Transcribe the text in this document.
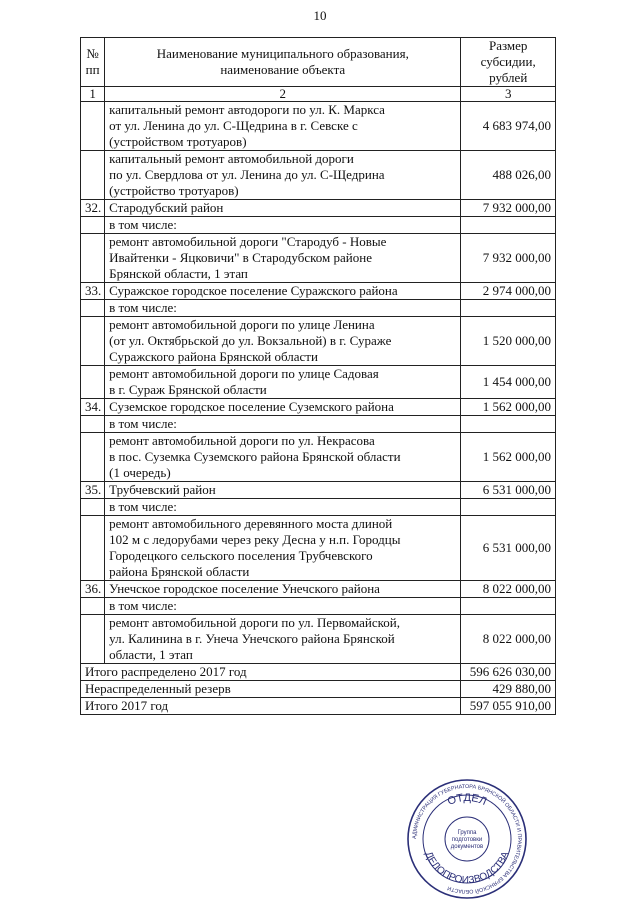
10
№
пп	Наименование муниципального образования,
наименование объекта	Размер
субсидии,
рублей
1	2	3
	капитальный ремонт автодороги по ул. К. Маркса
от ул. Ленина до ул. С-Щедрина в г. Севске с
(устройством тротуаров)	4 683 974,00
	капитальный ремонт автомобильной дороги
по ул. Свердлова от ул. Ленина до ул. С-Щедрина
(устройство тротуаров)	488 026,00
32.	Стародубский район	7 932 000,00
	в том числе:	
	ремонт автомобильной дороги "Стародуб - Новые
Ивайтенки - Яцковичи" в Стародубском районе
Брянской области, 1 этап	7 932 000,00
33.	Суражское городское поселение Суражского района	2 974 000,00
	в том числе:	
	ремонт автомобильной дороги по улице Ленина
(от ул. Октябрьской до ул. Вокзальной) в г. Сураже
Суражского района Брянской области	1 520 000,00
	ремонт автомобильной дороги по улице Садовая
в г. Сураж Брянской области	1 454 000,00
34.	Суземское городское поселение Суземского района	1 562 000,00
	в том числе:	
	ремонт автомобильной дороги по ул. Некрасова
в пос. Суземка Суземского района Брянской области
(1 очередь)	1 562 000,00
35.	Трубчевский район	6 531 000,00
	в том числе:	
	ремонт автомобильного деревянного моста длиной
102 м с ледорубами через реку Десна у н.п. Городцы
Городецкого сельского поселения Трубчевского
района Брянской области	6 531 000,00
36.	Унечское городское поселение Унечского района	8 022 000,00
	в том числе:	
	ремонт автомобильной дороги по ул. Первомайской,
ул. Калинина в г. Унеча Унечского района Брянской
области, 1 этап	8 022 000,00
Итого распределено 2017 год		596 626 030,00
Нераспределенный резерв		429 880,00
Итого 2017 год		597 055 910,00
АДМИНИСТРАЦИЯ ГУБЕРНАТОРА БРЯНСКОЙ ОБЛАСТИ И ПРАВИТЕЛЬСТВА БРЯНСКОЙ ОБЛАСТИ
ОТДЕЛ
ДЕЛОПРОИЗВОДСТВА
Группа
подготовки
документов
